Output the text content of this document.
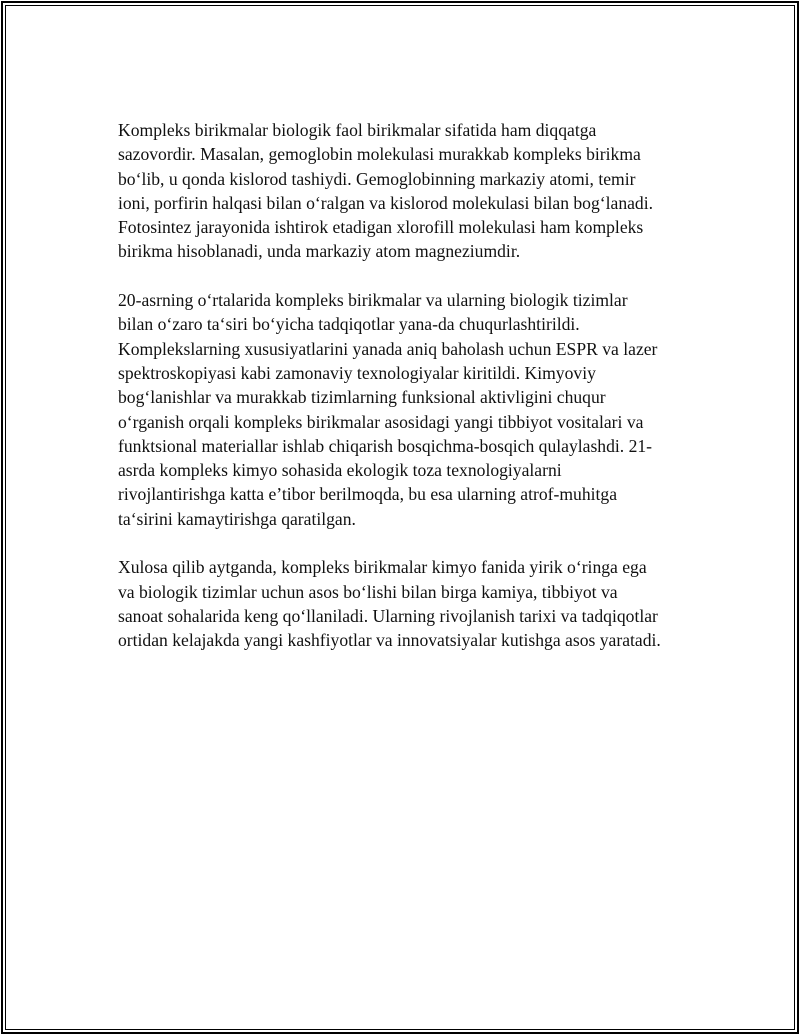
Kompleks birikmalar biologik faol birikmalar sifatida ham diqqatga
sazovordir. Masalan, gemoglobin molekulasi murakkab kompleks birikma
bo‘lib, u qonda kislorod tashiydi. Gemoglobinning markaziy atomi, temir
ioni, porfirin halqasi bilan o‘ralgan va kislorod molekulasi bilan bog‘lanadi.
Fotosintez jarayonida ishtirok etadigan xlorofill molekulasi ham kompleks
birikma hisoblanadi, unda markaziy atom magneziumdir.

20-asrning o‘rtalarida kompleks birikmalar va ularning biologik tizimlar
bilan o‘zaro ta‘siri bo‘yicha tadqiqotlar yana-da chuqurlashtirildi.
Komplekslarning xususiyatlarini yanada aniq baholash uchun ESPR va lazer
spektroskopiyasi kabi zamonaviy texnologiyalar kiritildi. Kimyoviy
bog‘lanishlar va murakkab tizimlarning funksional aktivligini chuqur
o‘rganish orqali kompleks birikmalar asosidagi yangi tibbiyot vositalari va
funktsional materiallar ishlab chiqarish bosqichma-bosqich qulaylashdi. 21-
asrda kompleks kimyo sohasida ekologik toza texnologiyalarni
rivojlantirishga katta e’tibor berilmoqda, bu esa ularning atrof-muhitga
ta‘sirini kamaytirishga qaratilgan.

Xulosa qilib aytganda, kompleks birikmalar kimyo fanida yirik o‘ringa ega
va biologik tizimlar uchun asos bo‘lishi bilan birga kamiya, tibbiyot va
sanoat sohalarida keng qo‘llaniladi. Ularning rivojlanish tarixi va tadqiqotlar
ortidan kelajakda yangi kashfiyotlar va innovatsiyalar kutishga asos yaratadi.
